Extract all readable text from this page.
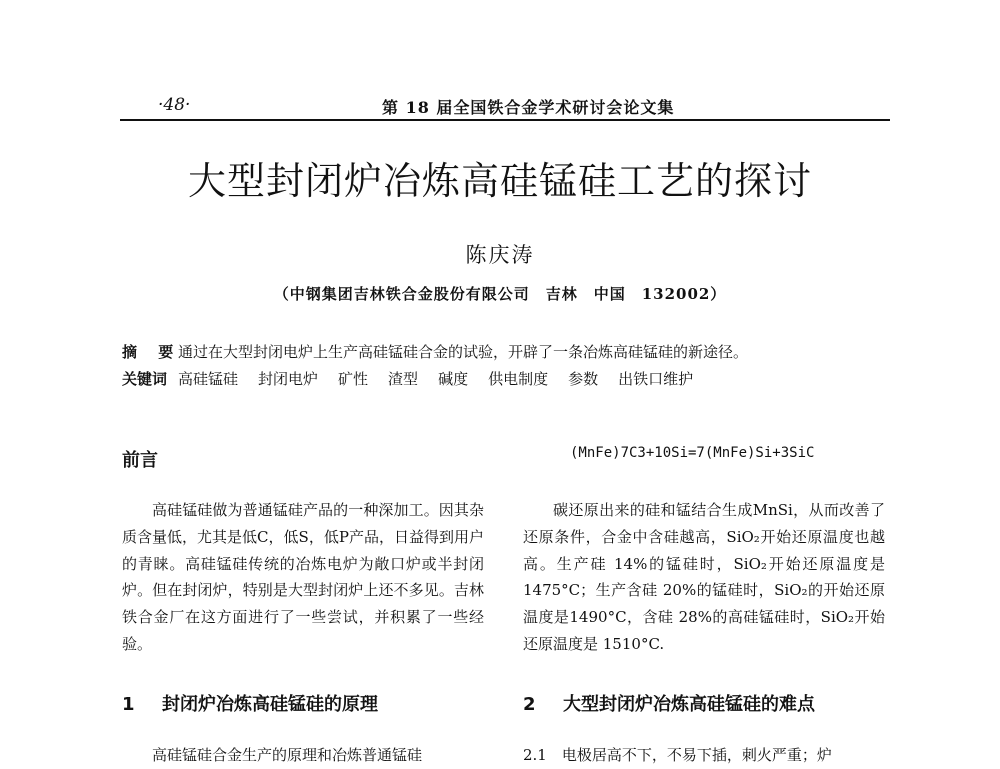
·48·	第 18 届全国铁合金学术研讨会论文集
大型封闭炉冶炼高硅锰硅工艺的探讨
陈庆涛
（中钢集团吉林铁合金股份有限公司　吉林　中国　132002）
摘 要通过在大型封闭电炉上生产高硅锰硅合金的试验，开辟了一条冶炼高硅锰硅的新途径。
关键词 高硅锰硅 封闭电炉 矿性 渣型 碱度 供电制度 参数 出铁口维护
前言

高硅锰硅做为普通锰硅产品的一种深加工。因其杂质含量低，尤其是低C，低S，低P产品，日益得到用户的青睐。高硅锰硅传统的冶炼电炉为敞口炉或半封闭炉。但在封闭炉，特别是大型封闭炉上还不多见。吉林铁合金厂在这方面进行了一些尝试，并积累了一些经验。

1 封闭炉冶炼高硅锰硅的原理

高硅锰硅合金生产的原理和冶炼普通锰硅

(MnFe)7C3+10Si=7(MnFe)Si+3SiC

碳还原出来的硅和锰结合生成MnSi，从而改善了还原条件，合金中含硅越高，SiO₂开始还原温度也越高。生产硅 14%的锰硅时，SiO₂开始还原温度是 1475°C；生产含硅 20%的锰硅时，SiO₂的开始还原温度是1490°C，含硅 28%的高硅锰硅时，SiO₂开始还原温度是 1510°C.

2 大型封闭炉冶炼高硅锰硅的难点

2.1　电极居高不下，不易下插，刺火严重；炉
